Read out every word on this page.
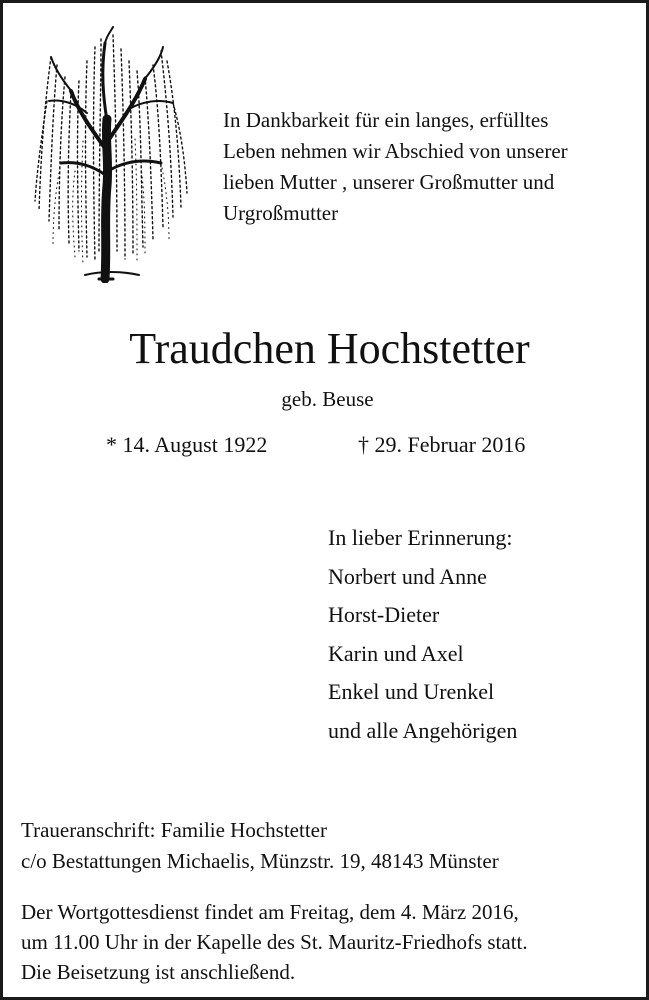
In Dankbarkeit für ein langes, erfülltes
Leben nehmen wir Abschied von unserer
lieben Mutter , unserer Großmutter und
Urgroßmutter

Traudchen Hochstetter
geb. Beuse
* 14. August 1922	† 29. Februar 2016
In lieber Erinnerung:
Norbert und Anne
Horst-Dieter
Karin und Axel
Enkel und Urenkel
und alle Angehörigen
Traueranschrift: Familie Hochstetter
c/o Bestattungen Michaelis, Münzstr. 19, 48143 Münster
Der Wortgottesdienst findet am Freitag, dem 4. März 2016,
um 11.00 Uhr in der Kapelle des St. Mauritz-Friedhofs statt.
Die Beisetzung ist anschließend.
